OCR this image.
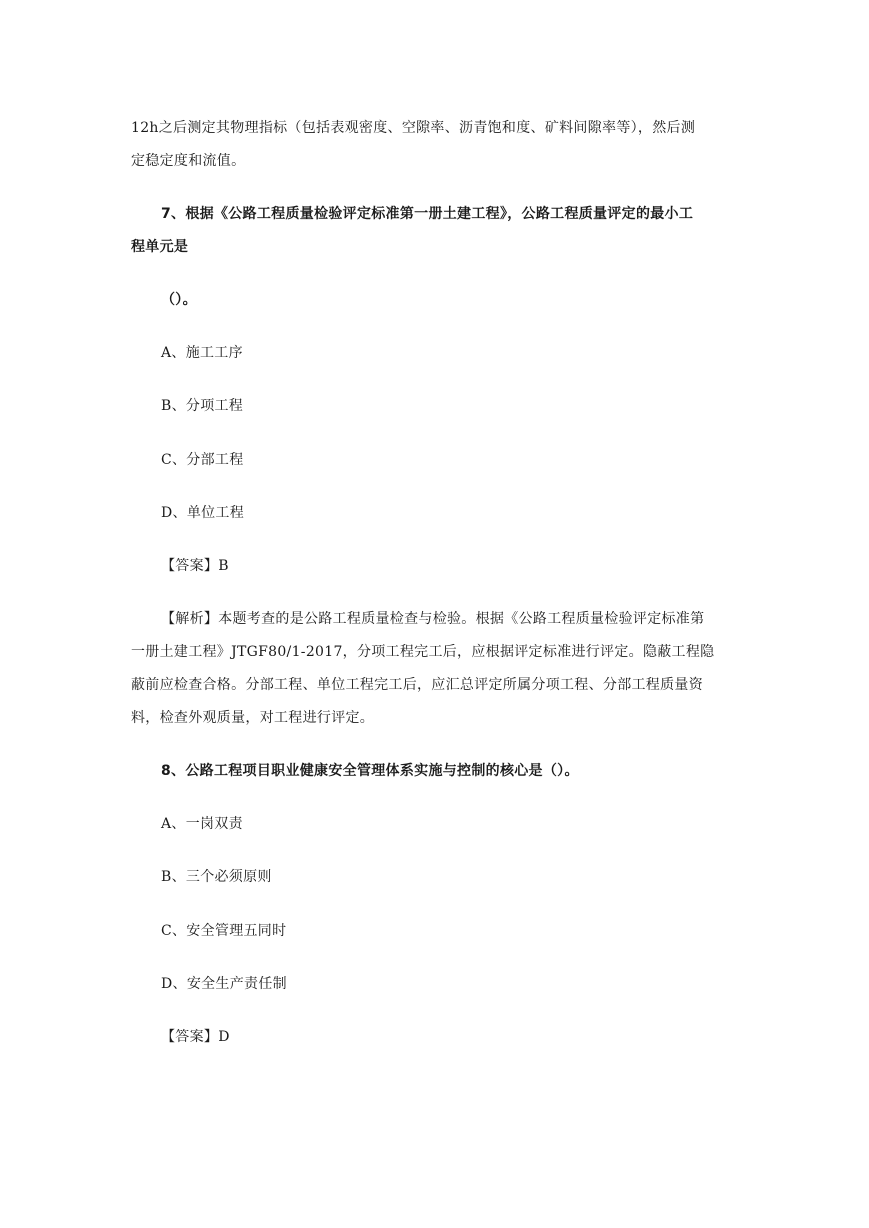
12h之后测定其物理指标（包括表观密度、空隙率、沥青饱和度、矿料间隙率等），然后测
定稳定度和流值。
7、根据《公路工程质量检验评定标准第一册土建工程》，公路工程质量评定的最小工
程单元是
（）。
A、施工工序
B、分项工程
C、分部工程
D、单位工程
【答案】B
【解析】本题考查的是公路工程质量检查与检验。根据《公路工程质量检验评定标准第
一册土建工程》JTGF80/1-2017，分项工程完工后，应根据评定标准进行评定。隐蔽工程隐
蔽前应检查合格。分部工程、单位工程完工后，应汇总评定所属分项工程、分部工程质量资
料，检查外观质量，对工程进行评定。
8、公路工程项目职业健康安全管理体系实施与控制的核心是（）。
A、一岗双责
B、三个必须原则
C、安全管理五同时
D、安全生产责任制
【答案】D
